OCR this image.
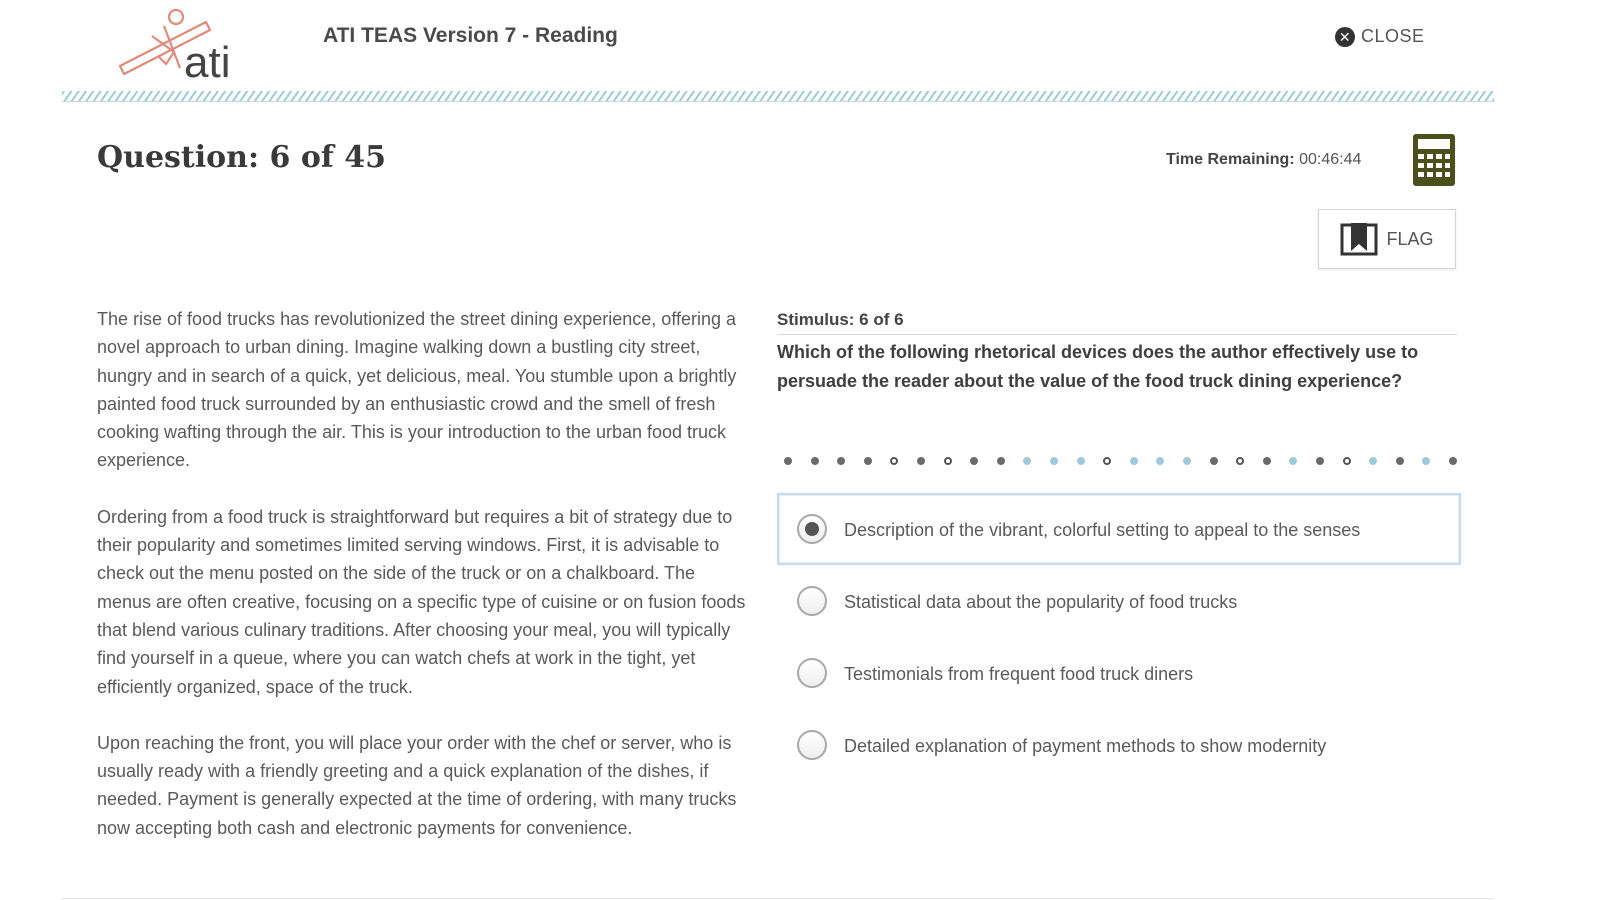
ati
ATI TEAS Version 7 - Reading	✕ CLOSE
Question: 6 of 45	Time Remaining: 00:46:44
FLAG

The rise of food trucks has revolutionized the street dining experience, offering a novel approach to urban dining. Imagine walking down a bustling city street, hungry and in search of a quick, yet delicious, meal. You stumble upon a brightly painted food truck surrounded by an enthusiastic crowd and the smell of fresh cooking wafting through the air. This is your introduction to the urban food truck experience.

Ordering from a food truck is straightforward but requires a bit of strategy due to their popularity and sometimes limited serving windows. First, it is advisable to check out the menu posted on the side of the truck or on a chalkboard. The menus are often creative, focusing on a specific type of cuisine or on fusion foods that blend various culinary traditions. After choosing your meal, you will typically find yourself in a queue, where you can watch chefs at work in the tight, yet efficiently organized, space of the truck.

Upon reaching the front, you will place your order with the chef or server, who is usually ready with a friendly greeting and a quick explanation of the dishes, if needed. Payment is generally expected at the time of ordering, with many trucks now accepting both cash and electronic payments for convenience.

Stimulus: 6 of 6
Which of the following rhetorical devices does the author effectively use to persuade the reader about the value of the food truck dining experience?
Description of the vibrant, colorful setting to appeal to the senses
Statistical data about the popularity of food trucks
Testimonials from frequent food truck diners
Detailed explanation of payment methods to show modernity
